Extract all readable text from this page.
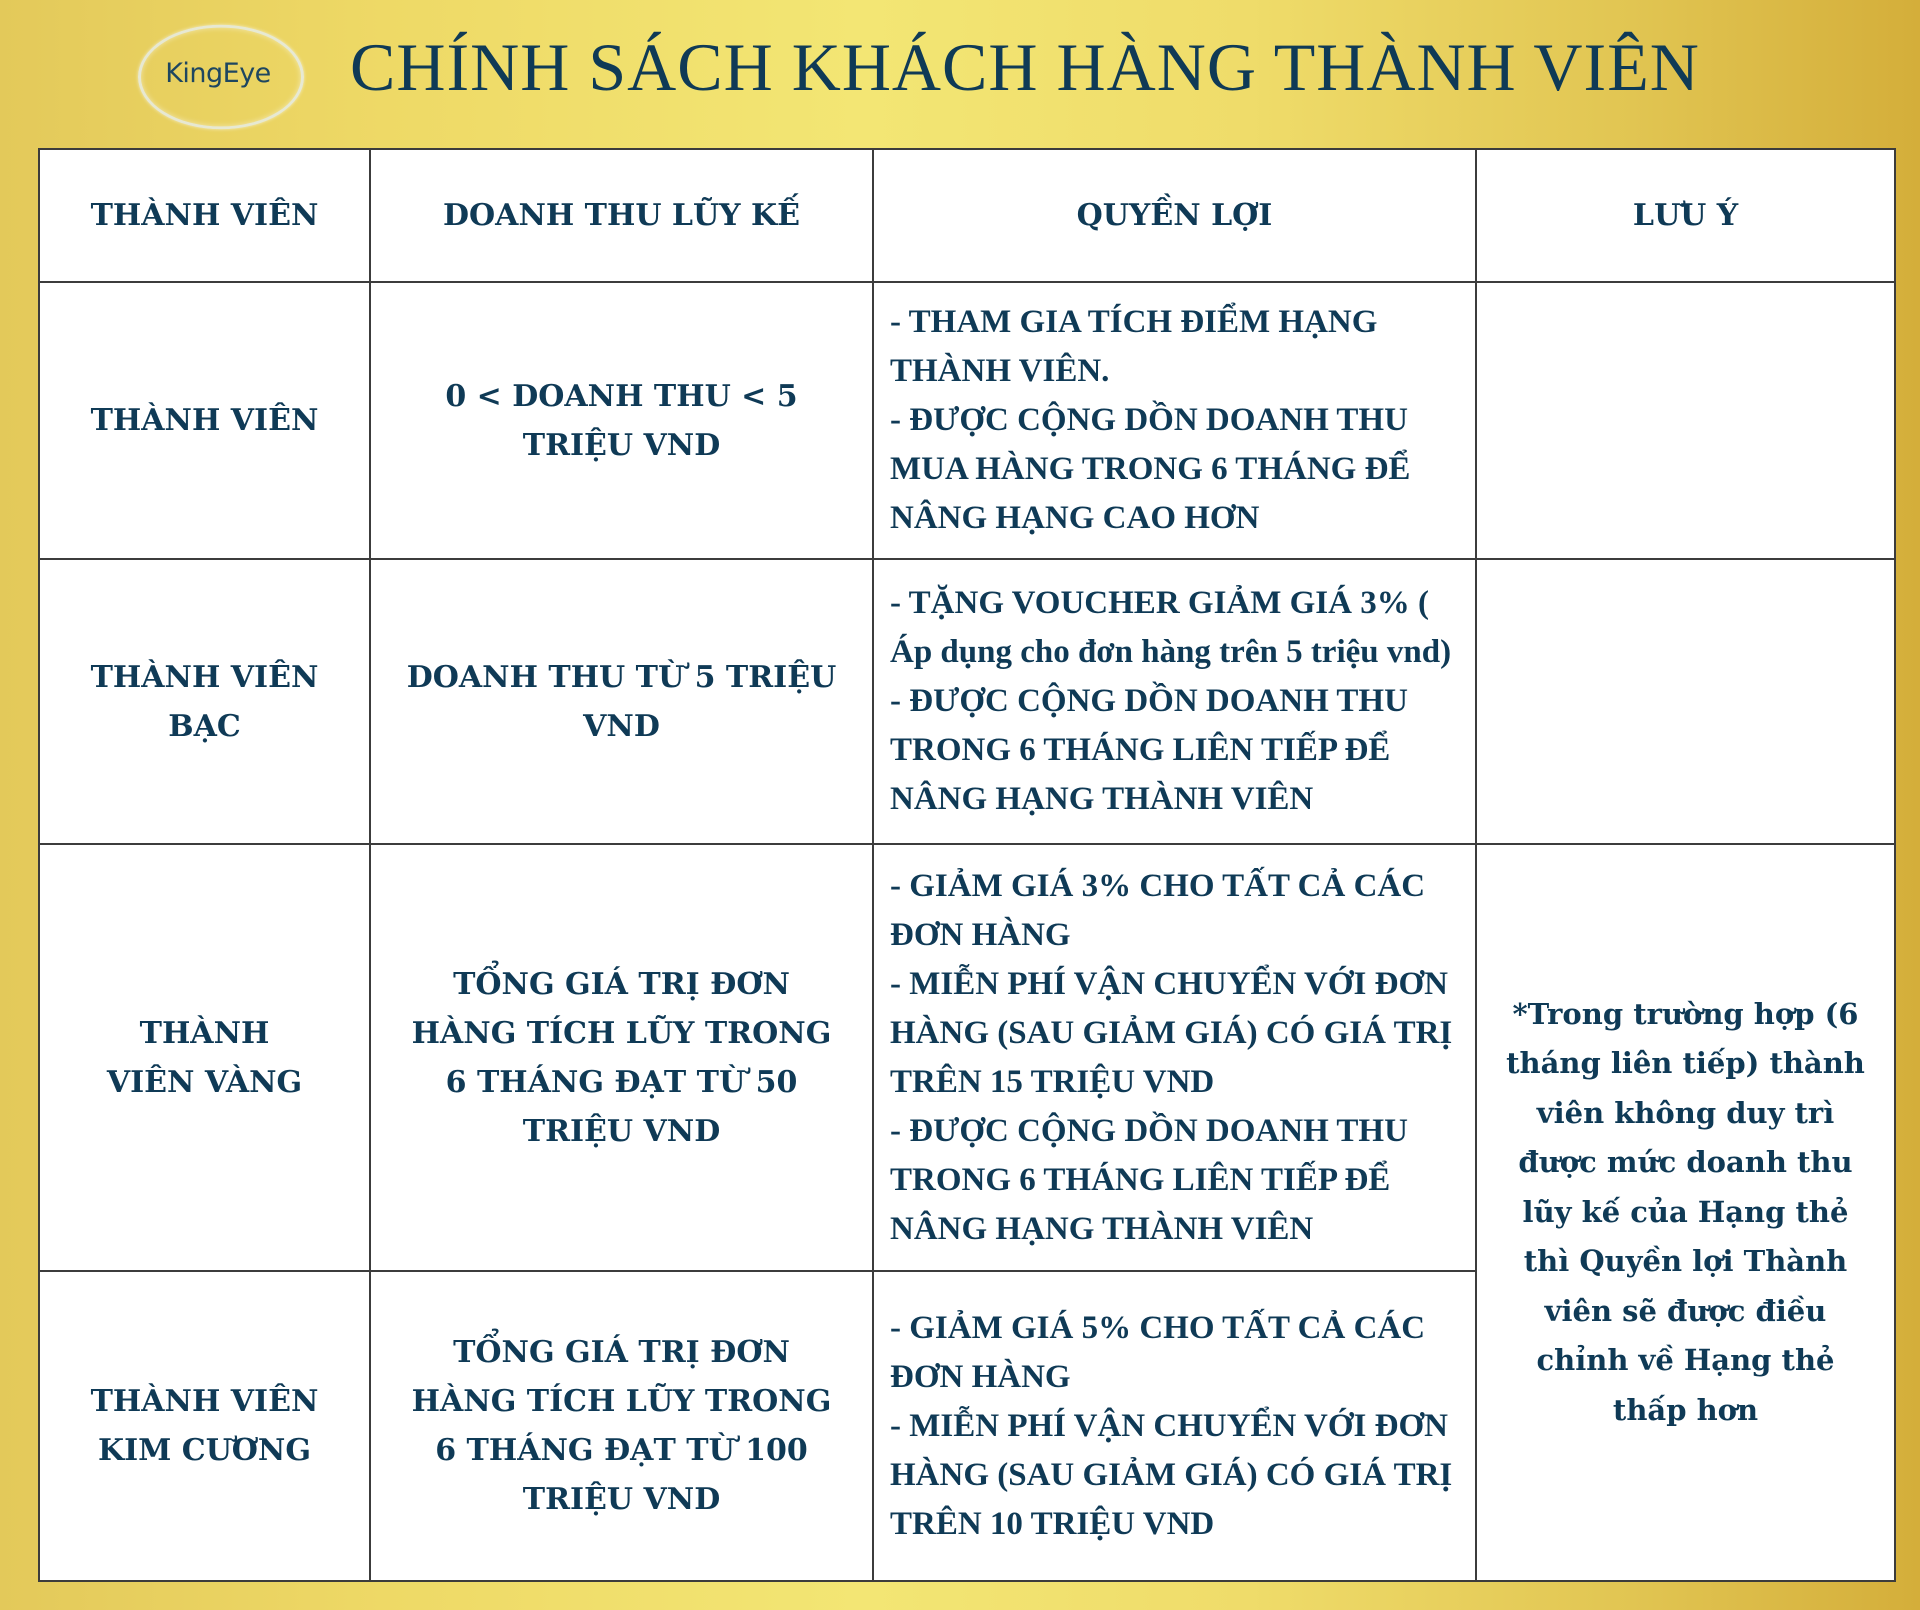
KingEye	CHÍNH SÁCH KHÁCH HÀNG THÀNH VIÊN
THÀNH VIÊN	DOANH THU LŨY KẾ	QUYỀN LỢI	LƯU Ý
THÀNH VIÊN	0 < DOANH THU < 5 TRIỆU VND	- THAM GIA TÍCH ĐIỂM HẠNG THÀNH VIÊN.
- ĐƯỢC CỘNG DỒN DOANH THU MUA HÀNG TRONG 6 THÁNG ĐỂ NÂNG HẠNG CAO HƠN	

THÀNH VIÊN BẠC	DOANH THU TỪ 5 TRIỆU VND	- TẶNG VOUCHER GIẢM GIÁ 3% ( Áp dụng cho đơn hàng trên 5 triệu vnd)
- ĐƯỢC CỘNG DỒN DOANH THU TRONG 6 THÁNG LIÊN TIẾP ĐỂ NÂNG HẠNG THÀNH VIÊN	

THÀNH VIÊN VÀNG	TỔNG GIÁ TRỊ ĐƠN HÀNG TÍCH LŨY TRONG 6 THÁNG ĐẠT TỪ 50 TRIỆU VND	- GIẢM GIÁ 3% CHO TẤT CẢ CÁC ĐƠN HÀNG
- MIỄN PHÍ VẬN CHUYỂN VỚI ĐƠN HÀNG (SAU GIẢM GIÁ) CÓ GIÁ TRỊ TRÊN 15 TRIỆU VND
- ĐƯỢC CỘNG DỒN DOANH THU TRONG 6 THÁNG LIÊN TIẾP ĐỂ NÂNG HẠNG THÀNH VIÊN	*Trong trường hợp (6 tháng liên tiếp) thành viên không duy trì được mức doanh thu lũy kế của Hạng thẻ thì Quyền lợi Thành viên sẽ được điều chỉnh về Hạng thẻ thấp hơn
THÀNH VIÊN KIM CƯƠNG	TỔNG GIÁ TRỊ ĐƠN HÀNG TÍCH LŨY TRONG 6 THÁNG ĐẠT TỪ 100 TRIỆU VND	- GIẢM GIÁ 5% CHO TẤT CẢ CÁC ĐƠN HÀNG
- MIỄN PHÍ VẬN CHUYỂN VỚI ĐƠN HÀNG (SAU GIẢM GIÁ) CÓ GIÁ TRỊ TRÊN 10 TRIỆU VND	
